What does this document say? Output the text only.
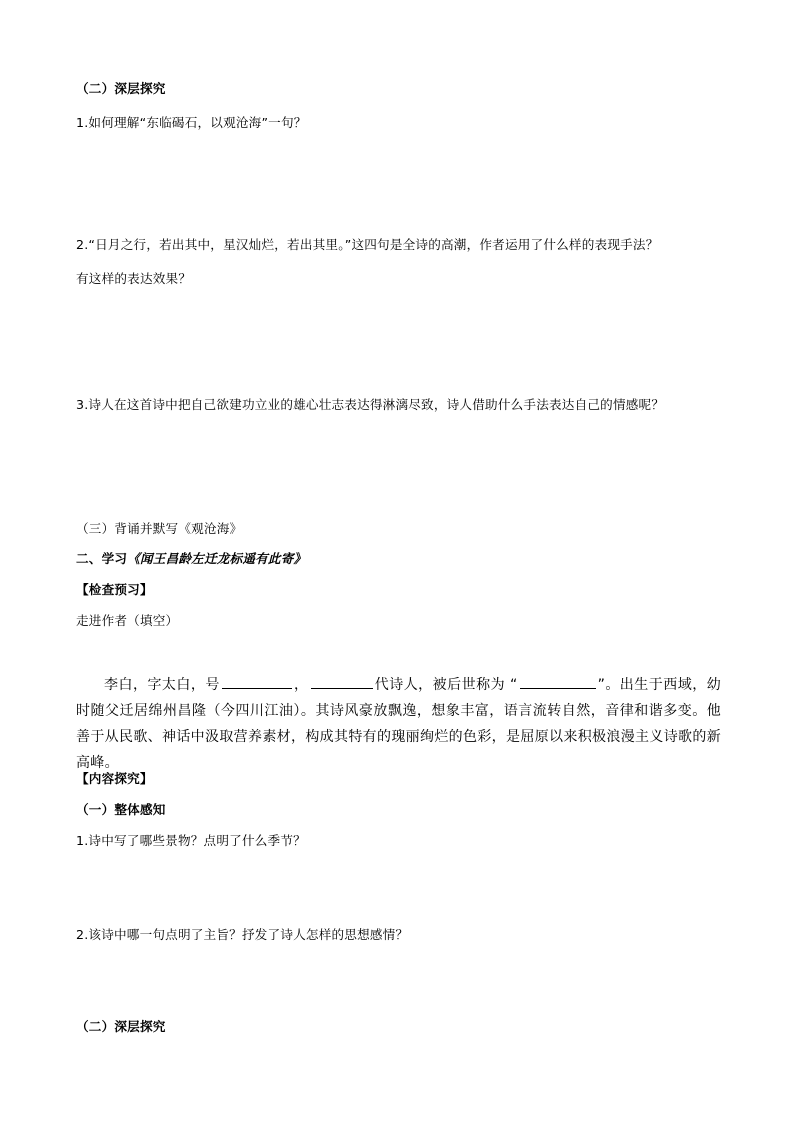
（二）深层探究

1.如何理解“东临碣石，以观沧海”一句？

2.“日月之行，若出其中，星汉灿烂，若出其里。”这四句是全诗的高潮，作者运用了什么样的表现手法？

有这样的表达效果？

3.诗人在这首诗中把自己欲建功立业的雄心壮志表达得淋漓尽致，诗人借助什么手法表达自己的情感呢？

（三）背诵并默写《观沧海》

二、学习《闻王昌龄左迁龙标遥有此寄》

【检查预习】

走进作者（填空）

李白，字太白，号	，	代诗人，被后世称为 “	”。出生于西域，幼时随父迁居绵州昌隆（今四川江油）。其诗风豪放飘逸，想象丰富，语言流转自然，音律和谐多变。他善于从民歌、神话中汲取营养素材，构成其特有的瑰丽绚烂的色彩，是屈原以来积极浪漫主义诗歌的新高峰。

【内容探究】

（一）整体感知

1.诗中写了哪些景物？点明了什么季节？

2.该诗中哪一句点明了主旨？抒发了诗人怎样的思想感情？

（二）深层探究
